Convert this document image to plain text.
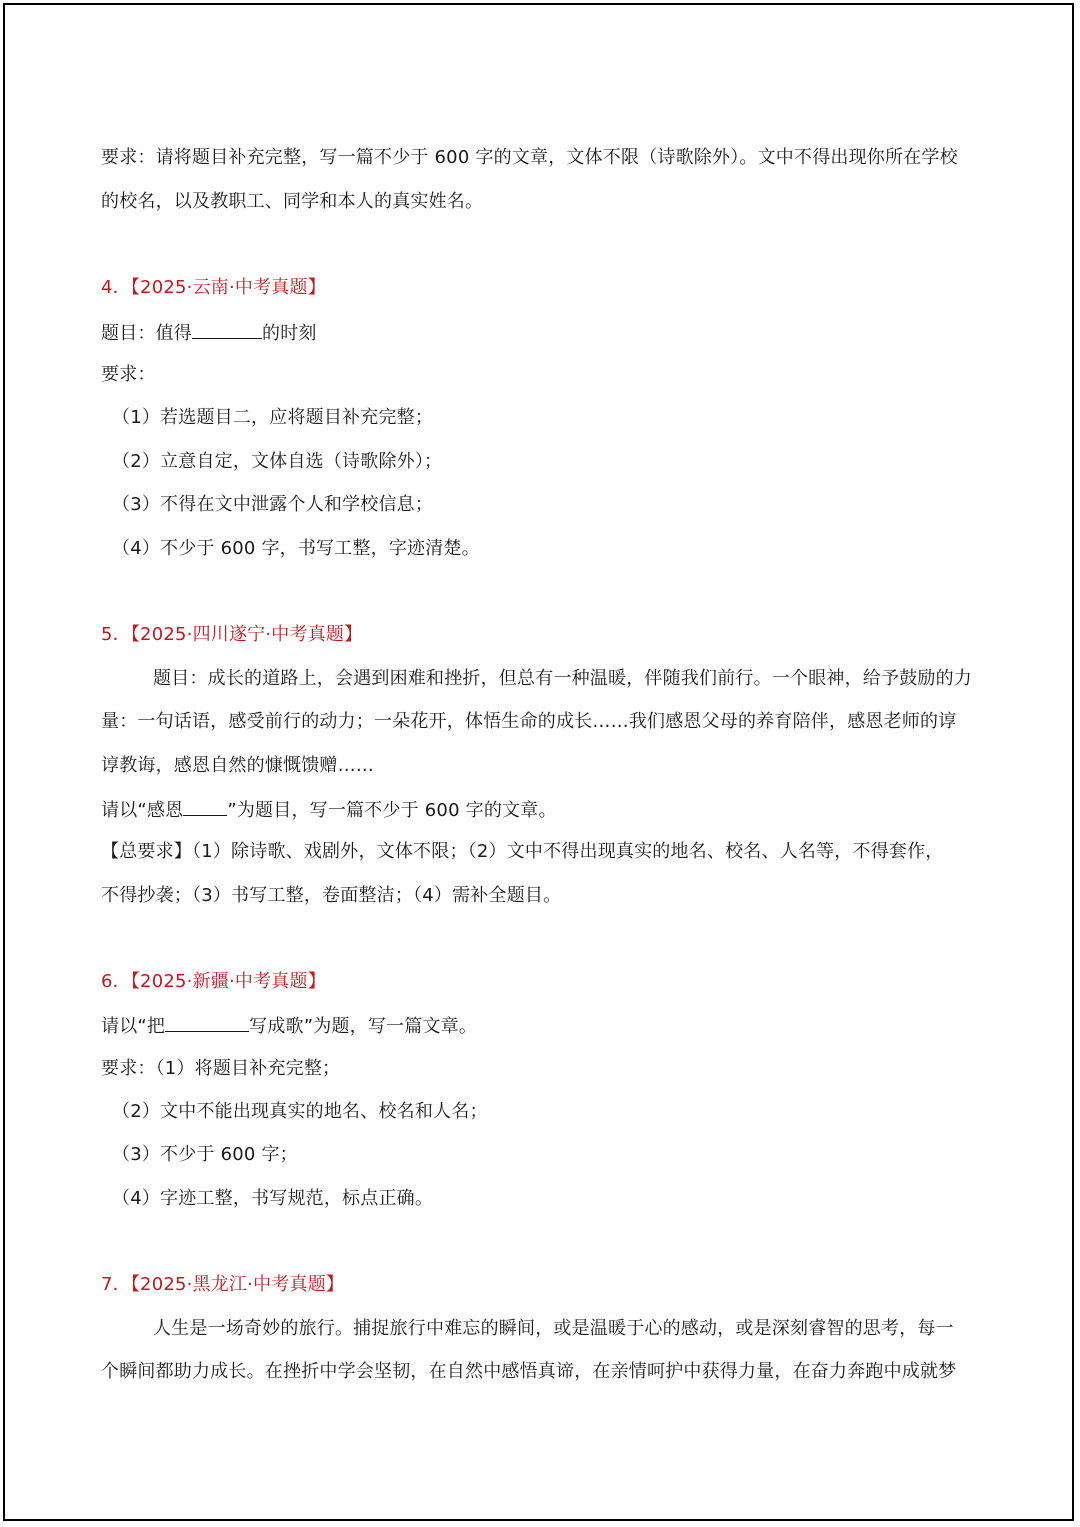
要求：请将题目补充完整，写一篇不少于 600 字的文章，文体不限（诗歌除外）。文中不得出现你所在学校
的校名，以及教职工、同学和本人的真实姓名。
4．【2025·云南·中考真题】
题目：值得	的时刻
要求：
（1）若选题目二，应将题目补充完整；
（2）立意自定，文体自选（诗歌除外）；
（3）不得在文中泄露个人和学校信息；
（4）不少于 600 字，书写工整，字迹清楚。
5．【2025·四川遂宁·中考真题】
题目：成长的道路上，会遇到困难和挫折，但总有一种温暖，伴随我们前行。一个眼神，给予鼓励的力
量：一句话语，感受前行的动力；一朵花开，体悟生命的成长……我们感恩父母的养育陪伴，感恩老师的谆
谆教诲，感恩自然的慷慨馈赠……
请以“感恩 ”为题目，写一篇不少于 600 字的文章。
【总要求】（1）除诗歌、戏剧外，文体不限；（2）文中不得出现真实的地名、校名、人名等，不得套作，
不得抄袭；（3）书写工整，卷面整洁；（4）需补全题目。
6．【2025·新疆·中考真题】
请以“把	写成歌”为题，写一篇文章。
要求：（1）将题目补充完整；
（2）文中不能出现真实的地名、校名和人名；
（3）不少于 600 字；
（4）字迹工整，书写规范，标点正确。
7．【2025·黑龙江·中考真题】
人生是一场奇妙的旅行。捕捉旅行中难忘的瞬间，或是温暖于心的感动，或是深刻睿智的思考，每一
个瞬间都助力成长。在挫折中学会坚韧，在自然中感悟真谛，在亲情呵护中获得力量，在奋力奔跑中成就梦
